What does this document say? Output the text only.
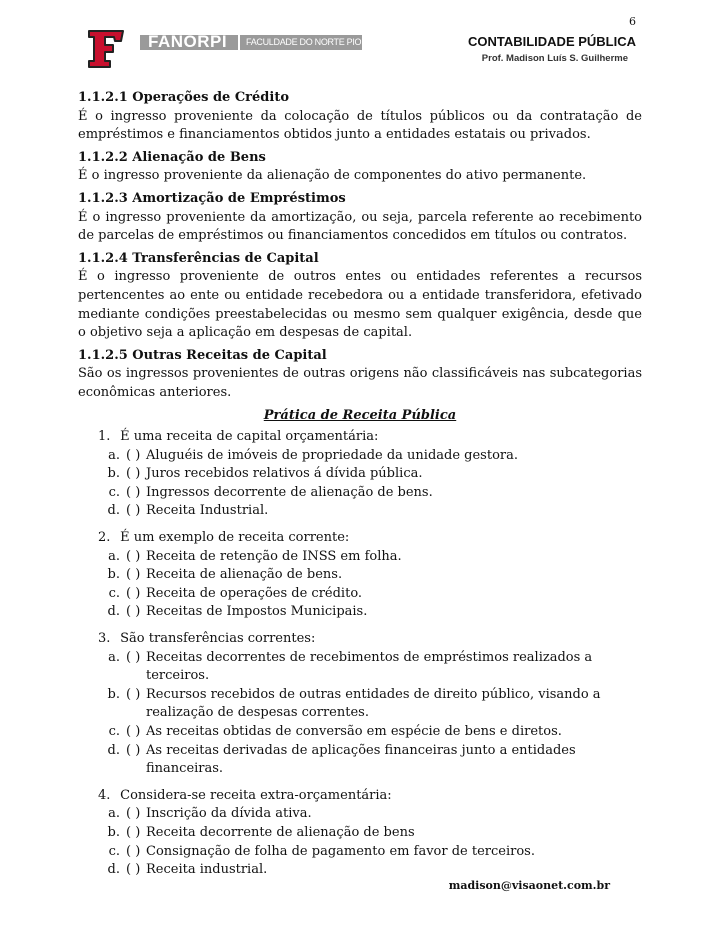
6
FANORPI FACULDADE DO NORTE PIONEIRO	CONTABILIDADE PÚBLICA
Prof. Madison Luís S. Guilherme
1.1.2.1 Operações de Crédito

É o ingresso proveniente da colocação de títulos públicos ou da contratação de empréstimos e financiamentos obtidos junto a entidades estatais ou privados.

1.1.2.2 Alienação de Bens

É o ingresso proveniente da alienação de componentes do ativo permanente.

1.1.2.3 Amortização de Empréstimos

É o ingresso proveniente da amortização, ou seja, parcela referente ao recebimento de parcelas de empréstimos ou financiamentos concedidos em títulos ou contratos.

1.1.2.4 Transferências de Capital

É o ingresso proveniente de outros entes ou entidades referentes a recursos pertencentes ao ente ou entidade recebedora ou a entidade transferidora, efetivado mediante condições preestabelecidas ou mesmo sem qualquer exigência, desde que o objetivo seja a aplicação em despesas de capital.

1.1.2.5 Outras Receitas de Capital

São os ingressos provenientes de outras origens não classificáveis nas subcategorias econômicas anteriores.

Prática de Receita Pública
1. É uma receita de capital orçamentária:
a. ( ) Aluguéis de imóveis de propriedade da unidade gestora.
b. ( ) Juros recebidos relativos á dívida pública.
c. ( ) Ingressos decorrente de alienação de bens.
d. ( ) Receita Industrial.
2. É um exemplo de receita corrente:
a. ( ) Receita de retenção de INSS em folha.
b. ( ) Receita de alienação de bens.
c. ( ) Receita de operações de crédito.
d. ( ) Receitas de Impostos Municipais.
3. São transferências correntes:
a. ( ) Receitas decorrentes de recebimentos de empréstimos realizados a terceiros.
b. ( ) Recursos recebidos de outras entidades de direito público, visando a realização de despesas correntes.
c. ( ) As receitas obtidas de conversão em espécie de bens e diretos.
d. ( ) As receitas derivadas de aplicações financeiras junto a entidades financeiras.
4. Considera-se receita extra-orçamentária:
a. ( ) Inscrição da dívida ativa.
b. ( ) Receita decorrente de alienação de bens
c. ( ) Consignação de folha de pagamento em favor de terceiros.
d. ( ) Receita industrial.
madison@visaonet.com.br
